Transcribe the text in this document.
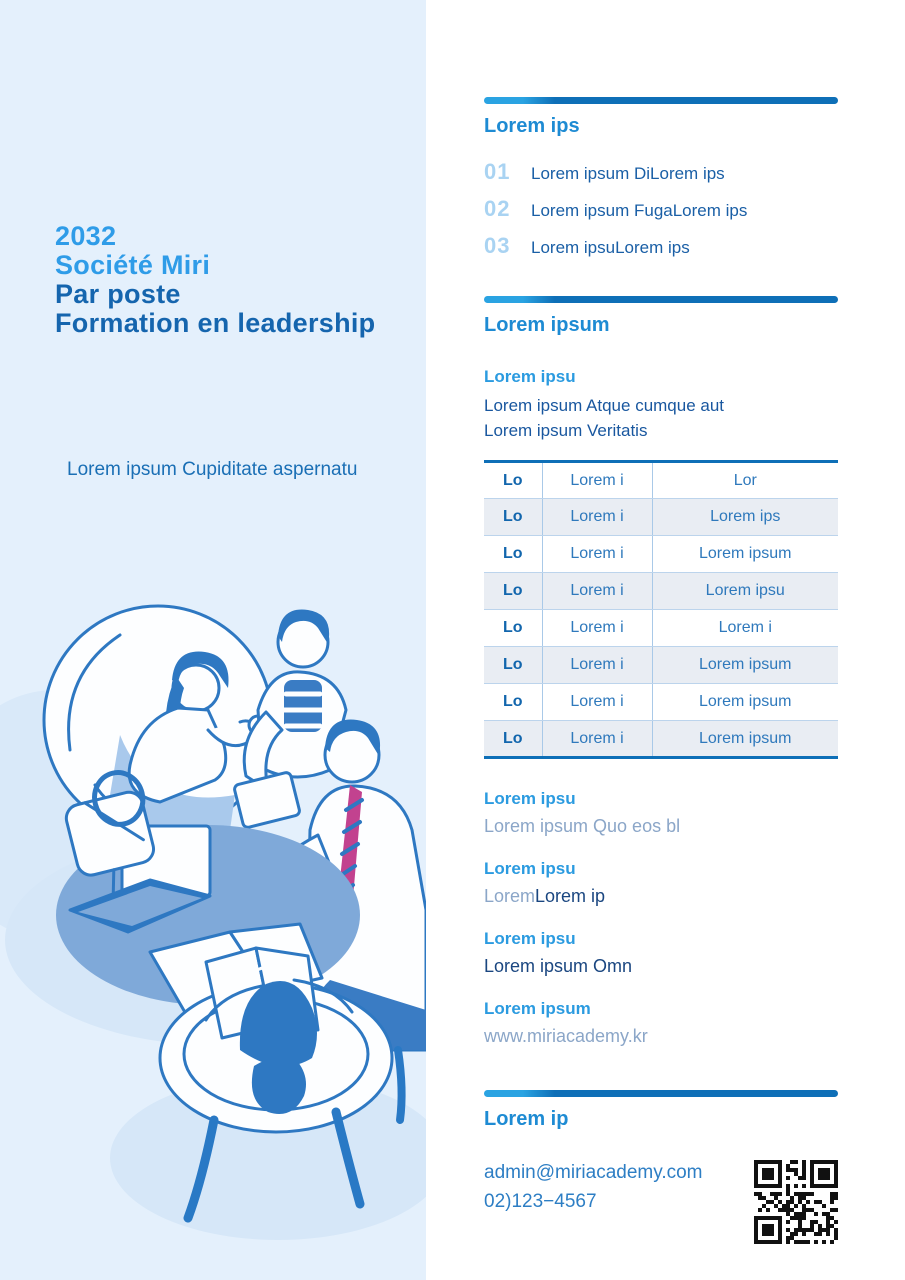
2032
Société Miri
Par poste
Formation en leadership
Lorem ipsum Cupiditate aspernatu
Lorem ips
01	Lorem ipsum DiLorem ips
02	Lorem ipsum FugaLorem ips
03	Lorem ipsuLorem ips
Lorem ipsum
Lorem ipsu
Lorem ipsum Atque cumque aut
Lorem ipsum Veritatis
Lo	Lorem i	Lor
Lo	Lorem i	Lorem ips
Lo	Lorem i	Lorem ipsum
Lo	Lorem i	Lorem ipsu
Lo	Lorem i	Lorem i
Lo	Lorem i	Lorem ipsum
Lo	Lorem i	Lorem ipsum
Lo	Lorem i	Lorem ipsum
Lorem ipsu
Lorem ipsum Quo eos bl
Lorem ipsu
LoremLorem ip
Lorem ipsu
Lorem ipsum Omn
Lorem ipsum
www.miriacademy.kr
Lorem ip
admin@miriacademy.com
02)123−4567
